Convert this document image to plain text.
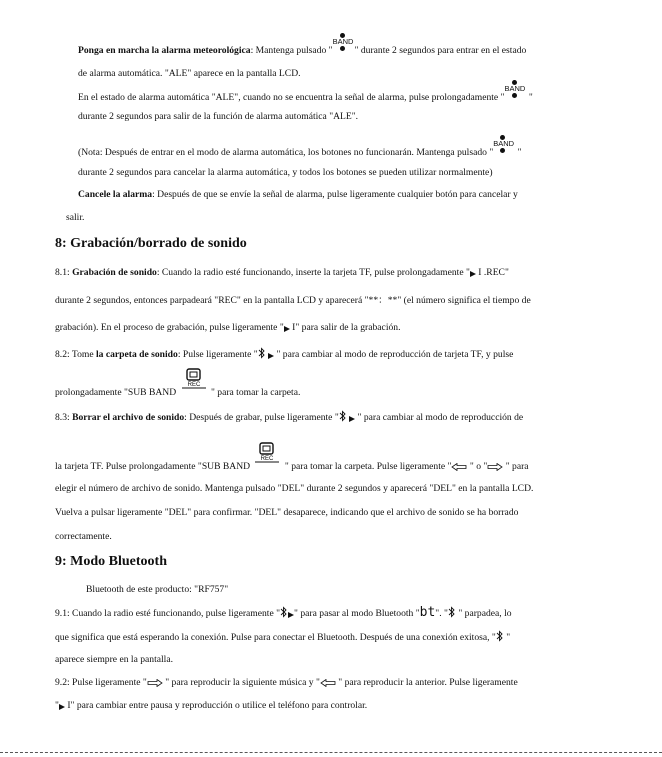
Ponga en marcha la alarma meteorológica: Mantenga pulsado "
BAND
" durante 2 segundos para entrar en el estado
de alarma automática. "ALE" aparece en la pantalla LCD.
En el estado de alarma automática "ALE", cuando no se encuentra la señal de alarma, pulse prolongadamente "
BAND
"
durante 2 segundos para salir de la función de alarma automática "ALE".
(Nota: Después de entrar en el modo de alarma automática, los botones no funcionarán. Mantenga pulsado "
BAND
"
durante 2 segundos para cancelar la alarma automática, y todos los botones se pueden utilizar normalmente)
Cancele la alarma: Después de que se envíe la señal de alarma, pulse ligeramente cualquier botón para cancelar y
salir.
8: Grabación/borrado de sonido
8.1: Grabación de sonido: Cuando la radio esté funcionando, inserte la tarjeta TF, pulse prolongadamente " I .REC"
durante 2 segundos, entonces parpadeará "REC" en la pantalla LCD y aparecerá "**：**" (el número significa el tiempo de
grabación). En el proceso de grabación, pulse ligeramente " I" para salir de la grabación.
8.2: Tome la carpeta de sonido: Pulse ligeramente "  " para cambiar al modo de reproducción de tarjeta TF, y pulse
prolongadamente "SUB BAND
REC
" para tomar la carpeta.
8.3: Borrar el archivo de sonido: Después de grabar, pulse ligeramente "  " para cambiar al modo de reproducción de
la tarjeta TF. Pulse prolongadamente "SUB BAND
REC
" para tomar la carpeta. Pulse ligeramente " " o " " para
elegir el número de archivo de sonido. Mantenga pulsado "DEL" durante 2 segundos y aparecerá "DEL" en la pantalla LCD.
Vuelva a pulsar ligeramente "DEL" para confirmar. "DEL" desaparece, indicando que el archivo de sonido se ha borrado
correctamente.
9: Modo Bluetooth
Bluetooth de este producto: "RF757"
9.1: Cuando la radio esté funcionando, pulse ligeramente " " para pasar al modo Bluetooth "bt". " " parpadea, lo
que significa que está esperando la conexión. Pulse para conectar el Bluetooth. Después de una conexión exitosa, " "
aparece siempre en la pantalla.
9.2: Pulse ligeramente " " para reproducir la siguiente música y " " para reproducir la anterior. Pulse ligeramente
" I" para cambiar entre pausa y reproducción o utilice el teléfono para controlar.
